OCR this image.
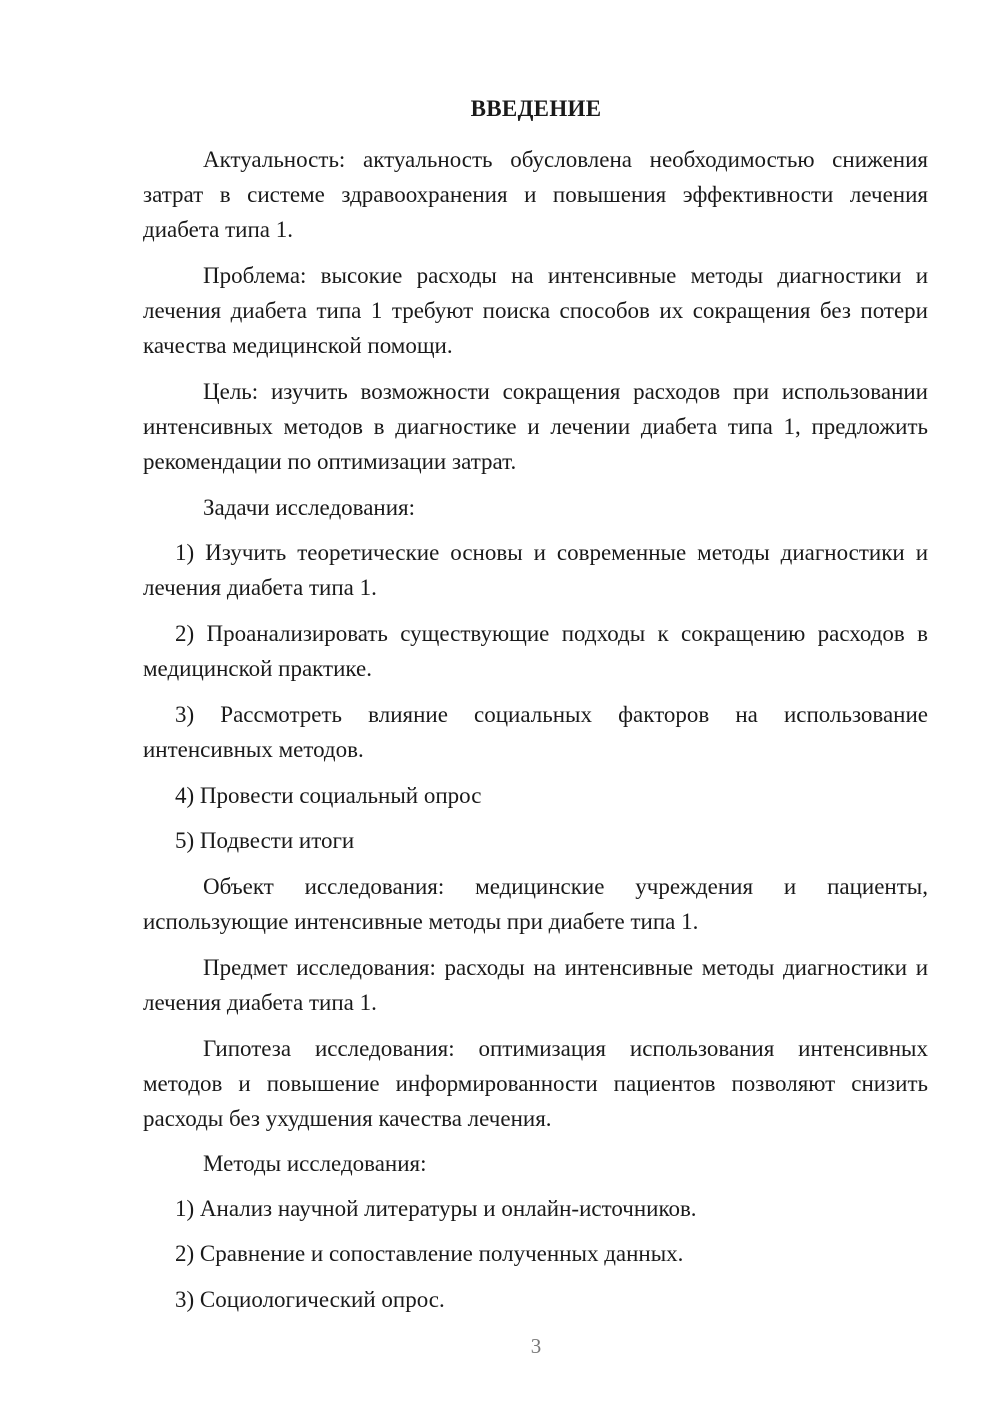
ВВЕДЕНИЕ

Актуальность: актуальность обусловлена необходимостью снижения затрат в системе здравоохранения и повышения эффективности лечения диабета типа 1.

Проблема: высокие расходы на интенсивные методы диагностики и лечения диабета типа 1 требуют поиска способов их сокращения без потери качества медицинской помощи.

Цель: изучить возможности сокращения расходов при использовании интенсивных методов в диагностике и лечении диабета типа 1, предложить рекомендации по оптимизации затрат.

Задачи исследования:

1) Изучить теоретические основы и современные методы диагностики и лечения диабета типа 1.

2) Проанализировать существующие подходы к сокращению расходов в медицинской практике.

3) Рассмотреть влияние социальных факторов на использование интенсивных методов.

4) Провести социальный опрос

5) Подвести итоги

Объект исследования: медицинские учреждения и пациенты, использующие интенсивные методы при диабете типа 1.

Предмет исследования: расходы на интенсивные методы диагностики и лечения диабета типа 1.

Гипотеза исследования: оптимизация использования интенсивных методов и повышение информированности пациентов позволяют снизить расходы без ухудшения качества лечения.

Методы исследования:

1) Анализ научной литературы и онлайн-источников.

2) Сравнение и сопоставление полученных данных.

3) Социологический опрос.

3
